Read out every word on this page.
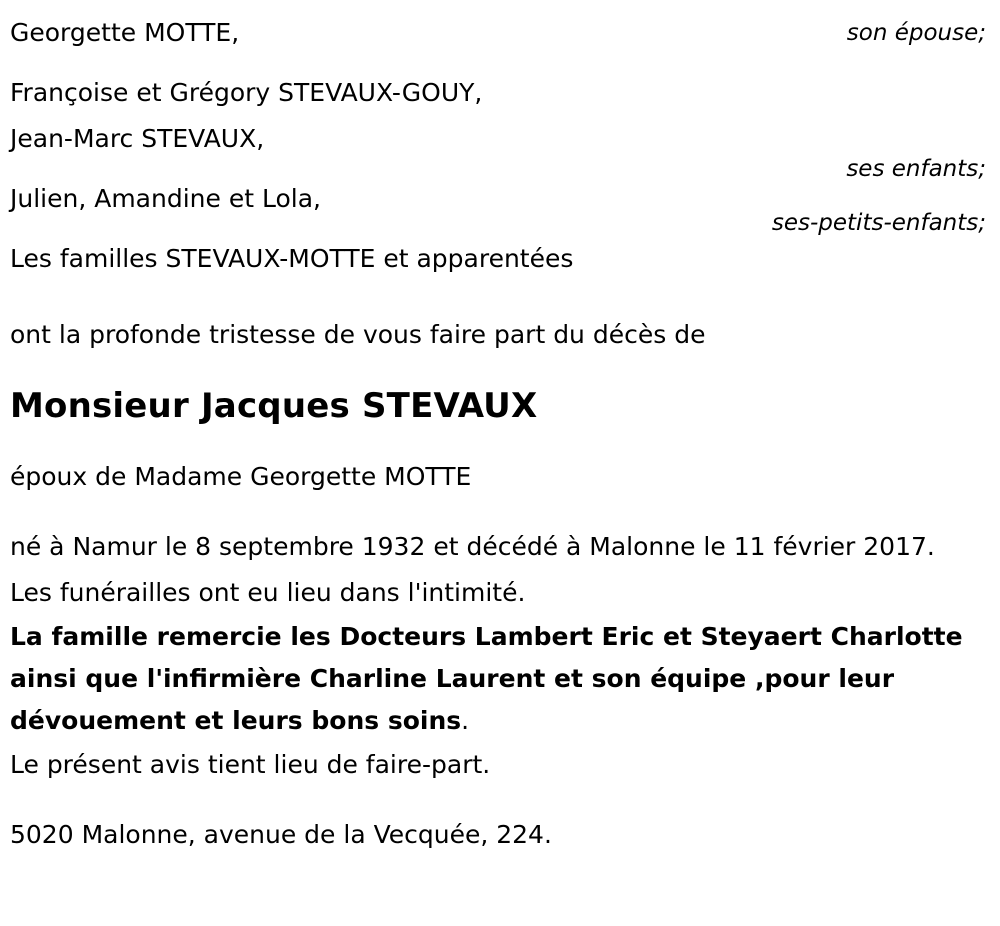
Georgette MOTTE,	son épouse;
Françoise et Grégory STEVAUX-GOUY,
Jean-Marc STEVAUX,
ses enfants;
Julien, Amandine et Lola,
ses-petits-enfants;
Les familles STEVAUX-MOTTE et apparentées
ont la profonde tristesse de vous faire part du décès de
Monsieur Jacques STEVAUX
époux de Madame Georgette MOTTE
né à Namur le 8 septembre 1932 et décédé à Malonne le 11 février 2017.
Les funérailles ont eu lieu dans l'intimité.
La famille remercie les Docteurs Lambert Eric et Steyaert Charlotte ainsi que l'infirmière Charline Laurent et son équipe ,pour leur dévouement et leurs bons soins.
Le présent avis tient lieu de faire-part.
5020 Malonne, avenue de la Vecquée, 224.
